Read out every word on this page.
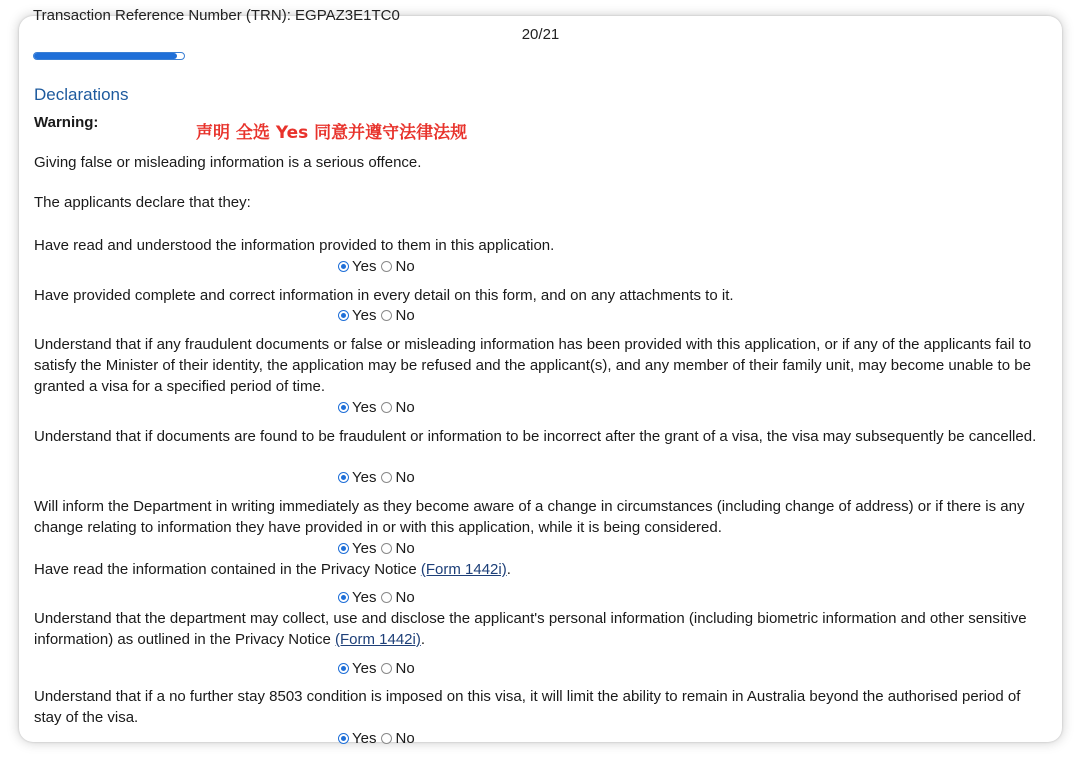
Transaction Reference Number (TRN): EGPAZ3E1TC0
20/21
Declarations
Warning:
声明 全选 Yes 同意并遵守法律法规
Giving false or misleading information is a serious offence.
The applicants declare that they:
Have read and understood the information provided to them in this application.
Yes No
Have provided complete and correct information in every detail on this form, and on any attachments to it.
Yes No
Understand that if any fraudulent documents or false or misleading information has been provided with this application, or if any of the applicants fail to satisfy the Minister of their identity, the application may be refused and the applicant(s), and any member of their family unit, may become unable to be granted a visa for a specified period of time.
Yes No
Understand that if documents are found to be fraudulent or information to be incorrect after the grant of a visa, the visa may subsequently be cancelled.
Yes No
Will inform the Department in writing immediately as they become aware of a change in circumstances (including change of address) or if there is any change relating to information they have provided in or with this application, while it is being considered.
Yes No
Have read the information contained in the Privacy Notice (Form 1442i).
Yes No
Understand that the department may collect, use and disclose the applicant's personal information (including biometric information and other sensitive information) as outlined in the Privacy Notice (Form 1442i).
Yes No
Understand that if a no further stay 8503 condition is imposed on this visa, it will limit the ability to remain in Australia beyond the authorised period of stay of the visa.
Yes No
